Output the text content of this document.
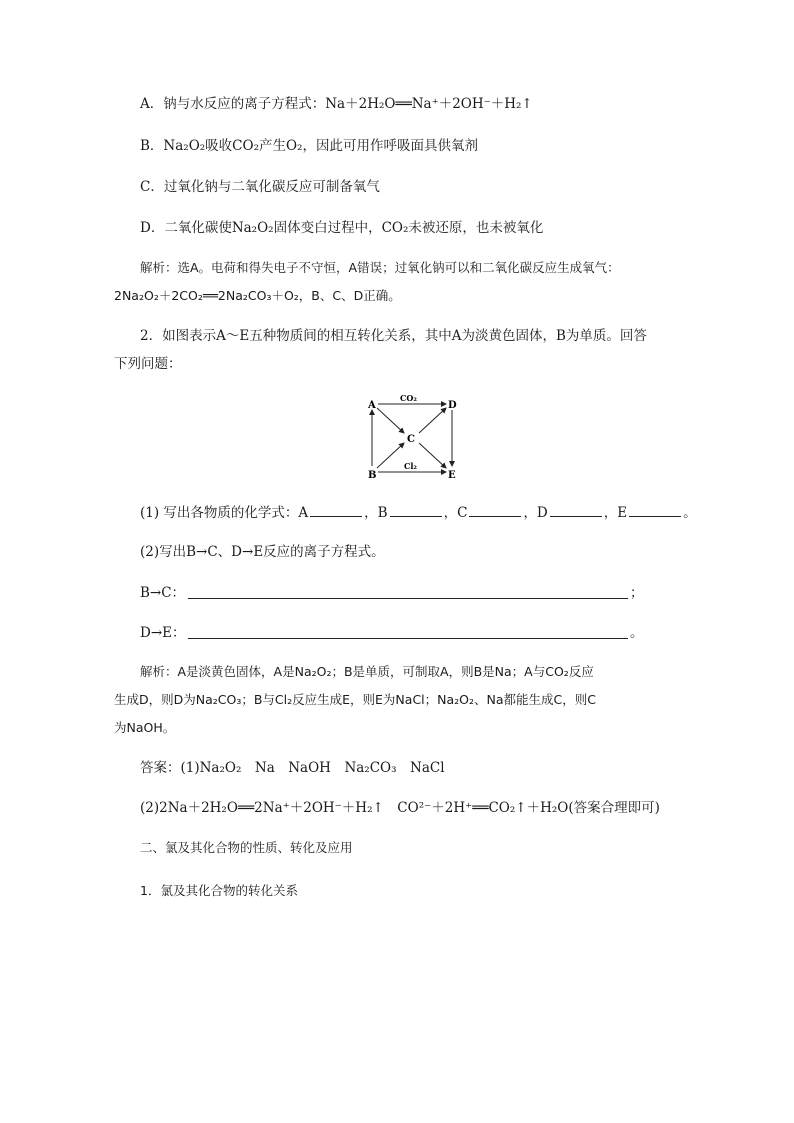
A．钠与水反应的离子方程式：Na＋2H₂O══Na⁺＋2OH⁻＋H₂↑
B．Na₂O₂吸收CO₂产生O₂，因此可用作呼吸面具供氧剂
C．过氧化钠与二氧化碳反应可制备氧气
D．二氧化碳使Na₂O₂固体变白过程中，CO₂未被还原，也未被氧化
解析：选A。电荷和得失电子不守恒，A错误；过氧化钠可以和二氧化碳反应生成氧气：
2Na₂O₂＋2CO₂══2Na₂CO₃＋O₂，B、C、D正确。
2．如图表示A～E五种物质间的相互转化关系，其中A为淡黄色固体，B为单质。回答
下列问题：
A	D
B	E
C
CO₂
Cl₂
(1) 写出各物质的化学式：A	，B	，C	，D	，E	。
(2)写出B→C、D→E反应的离子方程式。
B→C：	；
D→E：	。
解析：A是淡黄色固体，A是Na₂O₂；B是单质，可制取A，则B是Na；A与CO₂反应
生成D，则D为Na₂CO₃；B与Cl₂反应生成E，则E为NaCl；Na₂O₂、Na都能生成C，则C
为NaOH。
答案：(1)Na₂O₂　Na　NaOH　Na₂CO₃　NaCl
(2)2Na＋2H₂O══2Na⁺＋2OH⁻＋H₂↑　CO²⁻＋2H⁺══CO₂↑＋H₂O(答案合理即可)
二、氯及其化合物的性质、转化及应用
1．氯及其化合物的转化关系
